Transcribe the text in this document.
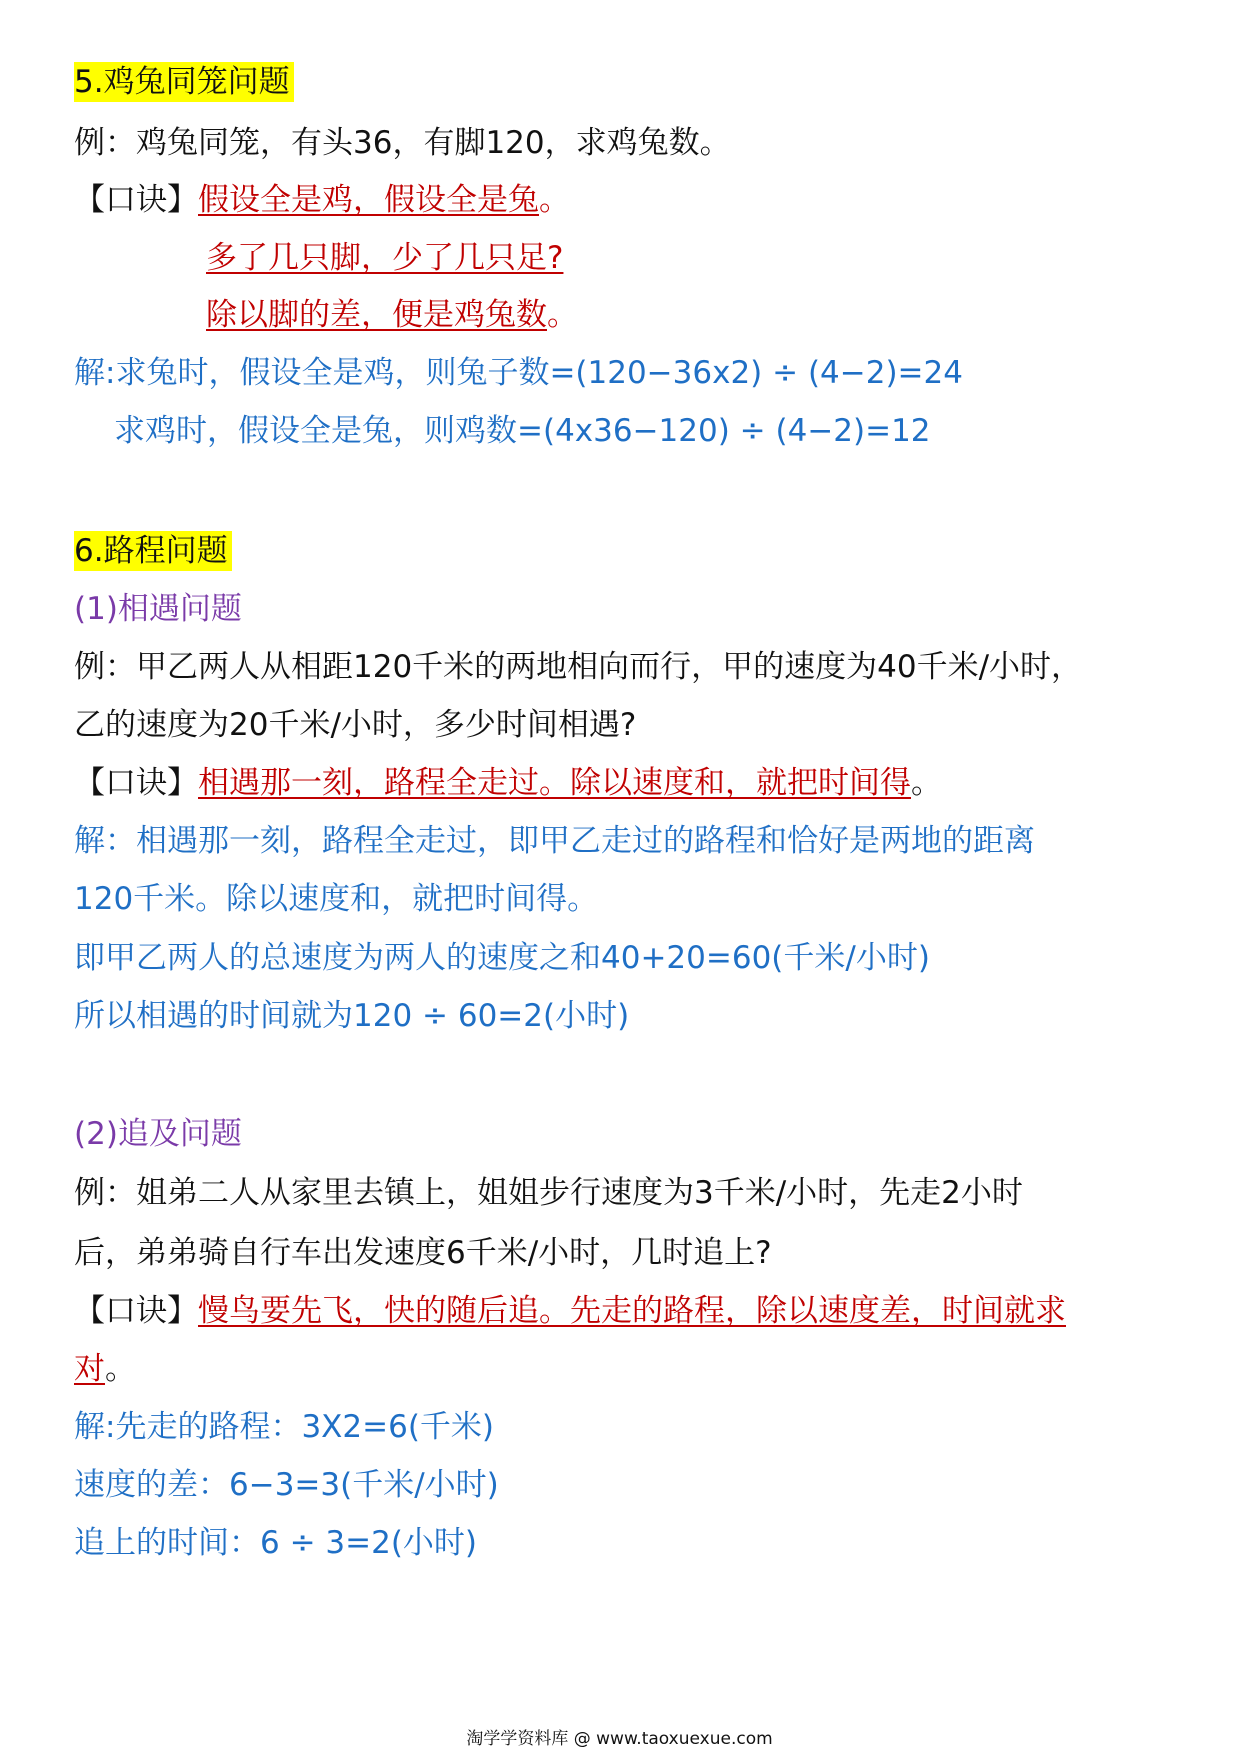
5.鸡兔同笼问题
例：鸡兔同笼，有头36，有脚120，求鸡兔数。
【口诀】假设全是鸡，假设全是兔。
多了几只脚，少了几只足?
除以脚的差，便是鸡兔数。
解:求兔时，假设全是鸡，则兔子数=(120−36x2) ÷ (4−2)=24
求鸡时，假设全是兔，则鸡数=(4x36−120) ÷ (4−2)=12
6.路程问题
(1)相遇问题
例：甲乙两人从相距120千米的两地相向而行，甲的速度为40千米/小时，
乙的速度为20千米/小时，多少时间相遇?
【口诀】相遇那一刻，路程全走过。除以速度和，就把时间得。
解：相遇那一刻，路程全走过，即甲乙走过的路程和恰好是两地的距离
120千米。除以速度和，就把时间得。
即甲乙两人的总速度为两人的速度之和40+20=60(千米/小时)
所以相遇的时间就为120 ÷ 60=2(小时)
(2)追及问题
例：姐弟二人从家里去镇上，姐姐步行速度为3千米/小时，先走2小时
后，弟弟骑自行车出发速度6千米/小时，几时追上?
【口诀】慢鸟要先飞，快的随后追。先走的路程，除以速度差，时间就求
对。
解:先走的路程：3X2=6(千米)
速度的差：6−3=3(千米/小时)
追上的时间：6 ÷ 3=2(小时)
淘学学资料库 @ www.taoxuexue.com
